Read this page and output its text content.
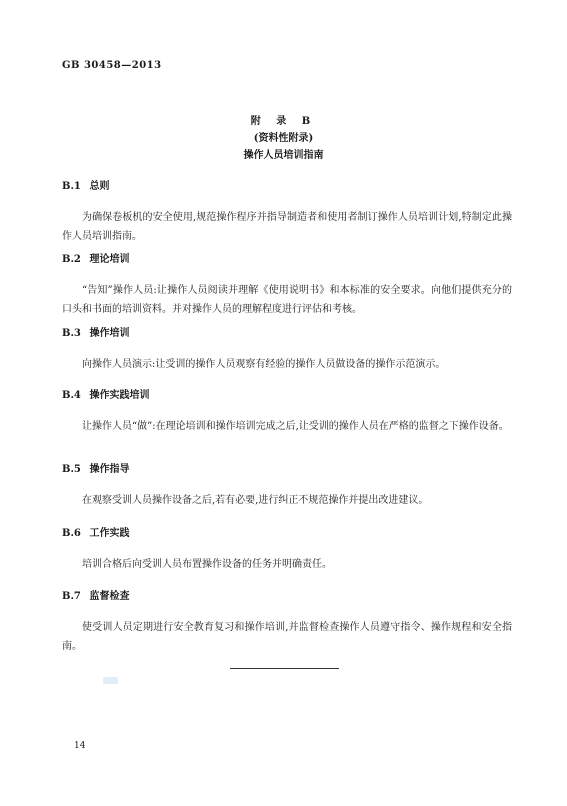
GB 30458—2013
附 录 B
(资料性附录)
操作人员培训指南
B.1 总则
为确保卷板机的安全使用,规范操作程序并指导制造者和使用者制订操作人员培训计划,特制定此操作人员培训指南。
B.2 理论培训
“告知”操作人员:让操作人员阅读并理解《使用说明书》和本标准的安全要求。向他们提供充分的口头和书面的培训资料。并对操作人员的理解程度进行评估和考核。
B.3 操作培训
向操作人员演示:让受训的操作人员观察有经验的操作人员做设备的操作示范演示。
B.4 操作实践培训
让操作人员“做”:在理论培训和操作培训完成之后,让受训的操作人员在严格的监督之下操作设备。
B.5 操作指导
在观察受训人员操作设备之后,若有必要,进行纠正不规范操作并提出改进建议。
B.6 工作实践
培训合格后向受训人员布置操作设备的任务并明确责任。
B.7 监督检查
使受训人员定期进行安全教育复习和操作培训,并监督检查操作人员遵守指令、操作规程和安全指南。
14
